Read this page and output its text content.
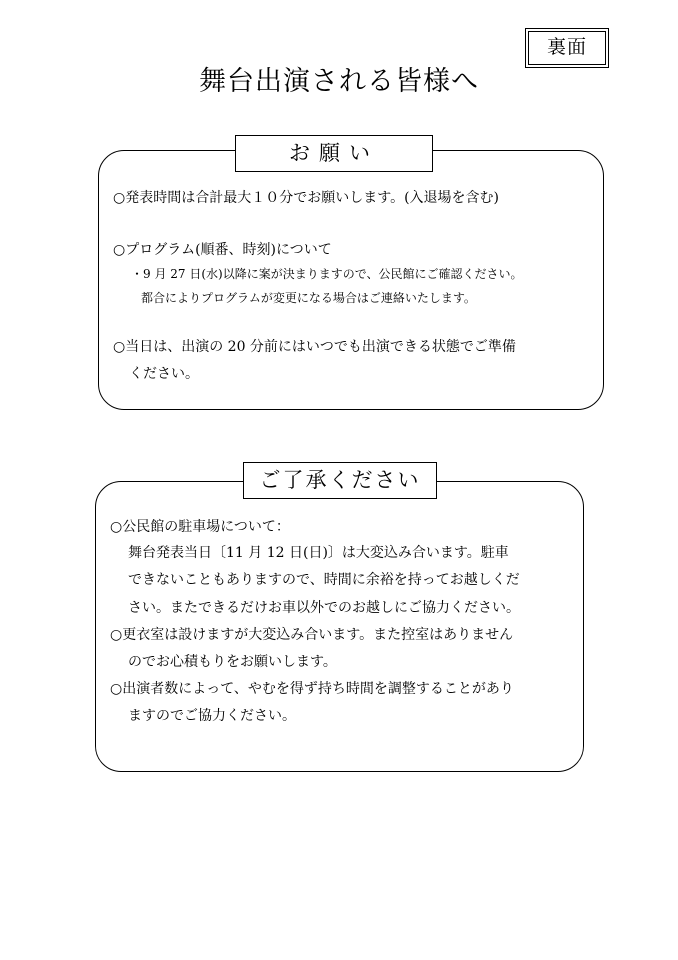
裏面
舞台出演される皆様へ
お願い
○発表時間は合計最大１０分でお願いします。(入退場を含む)
○プログラム(順番、時刻)について
・9 月 27 日(水)以降に案が決まりますので、公民館にご確認ください。
都合によりプログラムが変更になる場合はご連絡いたします。
○当日は、出演の 20 分前にはいつでも出演できる状態でご準備
ください。
ご了承ください
○公民館の駐車場について：
舞台発表当日〔11 月 12 日(日)〕は大変込み合います。駐車
できないこともありますので、時間に余裕を持ってお越しくだ
さい。またできるだけお車以外でのお越しにご協力ください。
○更衣室は設けますが大変込み合います。また控室はありません
のでお心積もりをお願いします。
○出演者数によって、やむを得ず持ち時間を調整することがあり
ますのでご協力ください。
